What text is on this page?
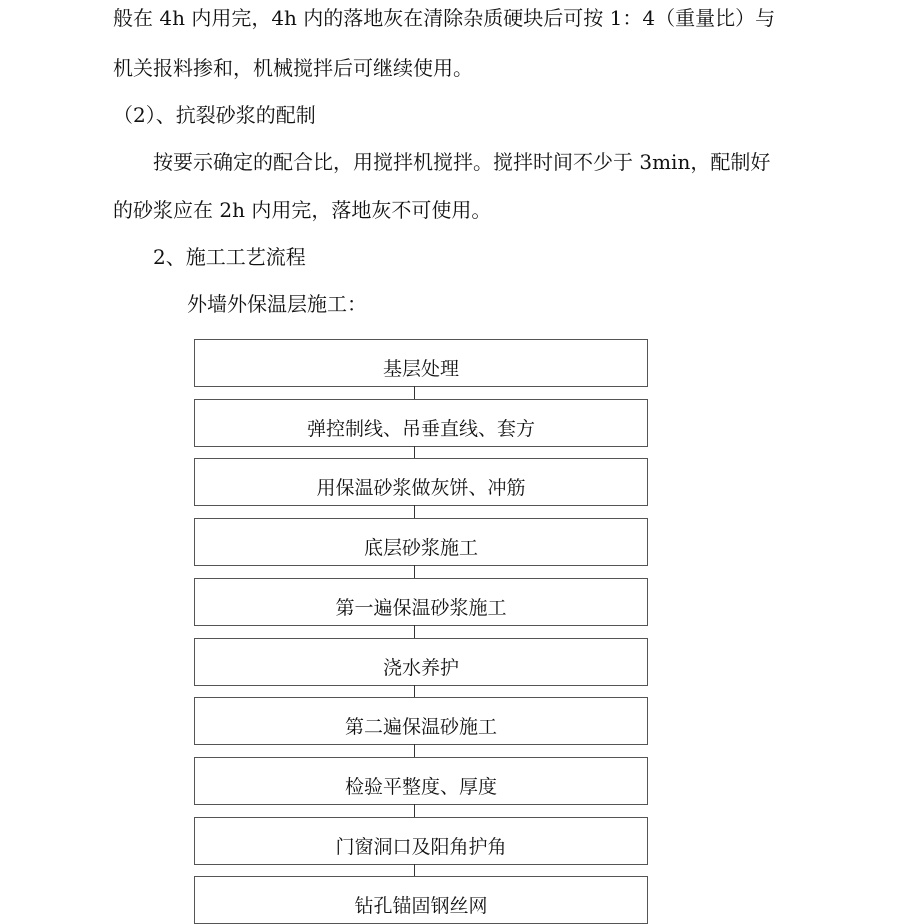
般在 4h 内用完，4h 内的落地灰在清除杂质硬块后可按 1：4（重量比）与
机关报料掺和，机械搅拌后可继续使用。
（2）、抗裂砂浆的配制
按要示确定的配合比，用搅拌机搅拌。搅拌时间不少于 3min，配制好
的砂浆应在 2h 内用完，落地灰不可使用。
2、施工工艺流程
外墙外保温层施工：
基层处理
弹控制线、吊垂直线、套方
用保温砂浆做灰饼、冲筋
底层砂浆施工
第一遍保温砂浆施工
浇水养护
第二遍保温砂施工
检验平整度、厚度
门窗洞口及阳角护角
钻孔锚固钢丝网
